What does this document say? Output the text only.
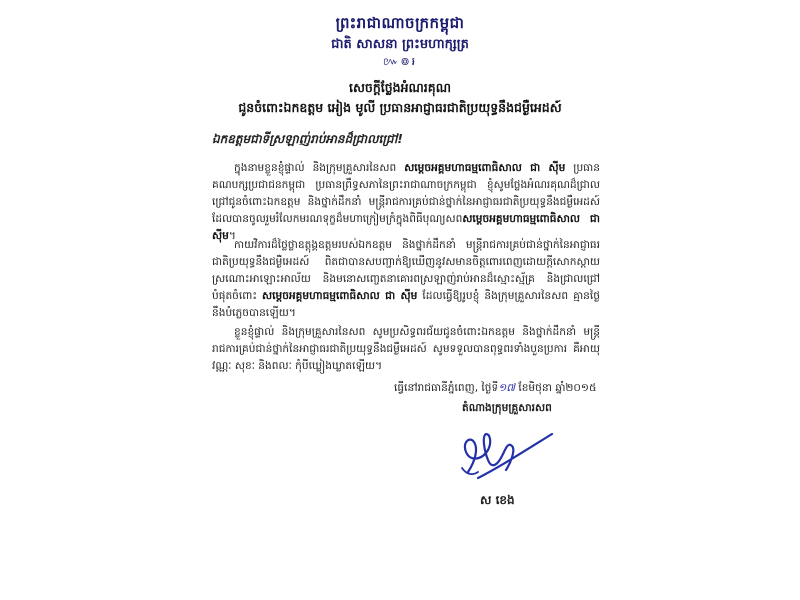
ព្រះរាជាណាចក្រកម្ពុជា
ជាតិ សាសនា ព្រះមហាក្សត្រ
៚៙៛
សេចក្តីថ្លែងអំណរគុណ
ជូនចំពោះឯកឧត្តម អៀង មូលី ប្រធានអាជ្ញាធរជាតិប្រយុទ្ធនឹងជម្ងឺអេដស៍
ឯកឧត្តមជាទីស្រឡាញ់រាប់អានដ៏ជ្រាលជ្រៅ!
ក្នុងនាមខ្លួនខ្ញុំផ្ទាល់ និងក្រុមគ្រួសារនៃសព សម្តេចអគ្គមហាធម្មពោធិសាល ជា ស៊ីម ប្រធានគណបក្សប្រជាជនកម្ពុជា ប្រធានព្រឹទ្ធសភានៃព្រះរាជាណាចក្រកម្ពុជា ខ្ញុំសូមថ្លែងអំណរគុណដ៏ជ្រាលជ្រៅជូនចំពោះឯកឧត្តម និងថ្នាក់ដឹកនាំ មន្ត្រីរាជការគ្រប់ជាន់ថ្នាក់នៃអាជ្ញាធរជាតិប្រយុទ្ធនឹងជម្ងឺអេដស៍ ដែលបានចូលរួមរំលែកមរណទុក្ខដ៏មហាក្រៀមក្រំក្នុងពិធីបុណ្យសពសម្តេចអគ្គមហាធម្មពោធិសាល ជា ស៊ីម។
កាយវិការដ៏ថ្លៃថ្លាឧត្តុង្គឧត្តមរបស់ឯកឧត្តម និងថ្នាក់ដឹកនាំ មន្ត្រីរាជការគ្រប់ជាន់ថ្នាក់នៃអាជ្ញាធរជាតិប្រយុទ្ធនឹងជម្ងឺអេដស៍ ពិតជាបានសបញ្ជាក់ឱ្យឃើញនូវសមានចិត្តពោរពេញដោយក្តីសោកស្តាយ ស្រណោះអាឡោះអាល័យ និងមនោសញ្ចេតនាគោរពស្រឡាញ់រាប់អានដ៏ស្មោះស្ម័គ្រ និងជ្រាលជ្រៅបំផុតចំពោះ សម្តេចអគ្គមហាធម្មពោធិសាល ជា ស៊ីម ដែលធ្វើឱ្យរូបខ្ញុំ និងក្រុមគ្រួសារនៃសព គ្មានថ្ងៃនឹងបំភ្លេចបានឡើយ។
ខ្លួនខ្ញុំផ្ទាល់ និងក្រុមគ្រួសារនៃសព សូមប្រសិទ្ធពរជ័យជូនចំពោះឯកឧត្តម និងថ្នាក់ដឹកនាំ មន្ត្រីរាជការគ្រប់ជាន់ថ្នាក់នៃអាជ្ញាធរជាតិប្រយុទ្ធនឹងជម្ងឺអេដស៍ សូមទទួលបានពុទ្ធពរទាំងបួនប្រការ គឺអាយុ វណ្ណៈ សុខៈ និងពលៈ កុំបីឃ្លៀងឃ្លាតឡើយ។
ធ្វើនៅរាជធានីភ្នំពេញ, ថ្ងៃទី១៧ ខែមិថុនា ឆ្នាំ២០១៥
តំណាងក្រុមគ្រួសារសព
ស ខេង
